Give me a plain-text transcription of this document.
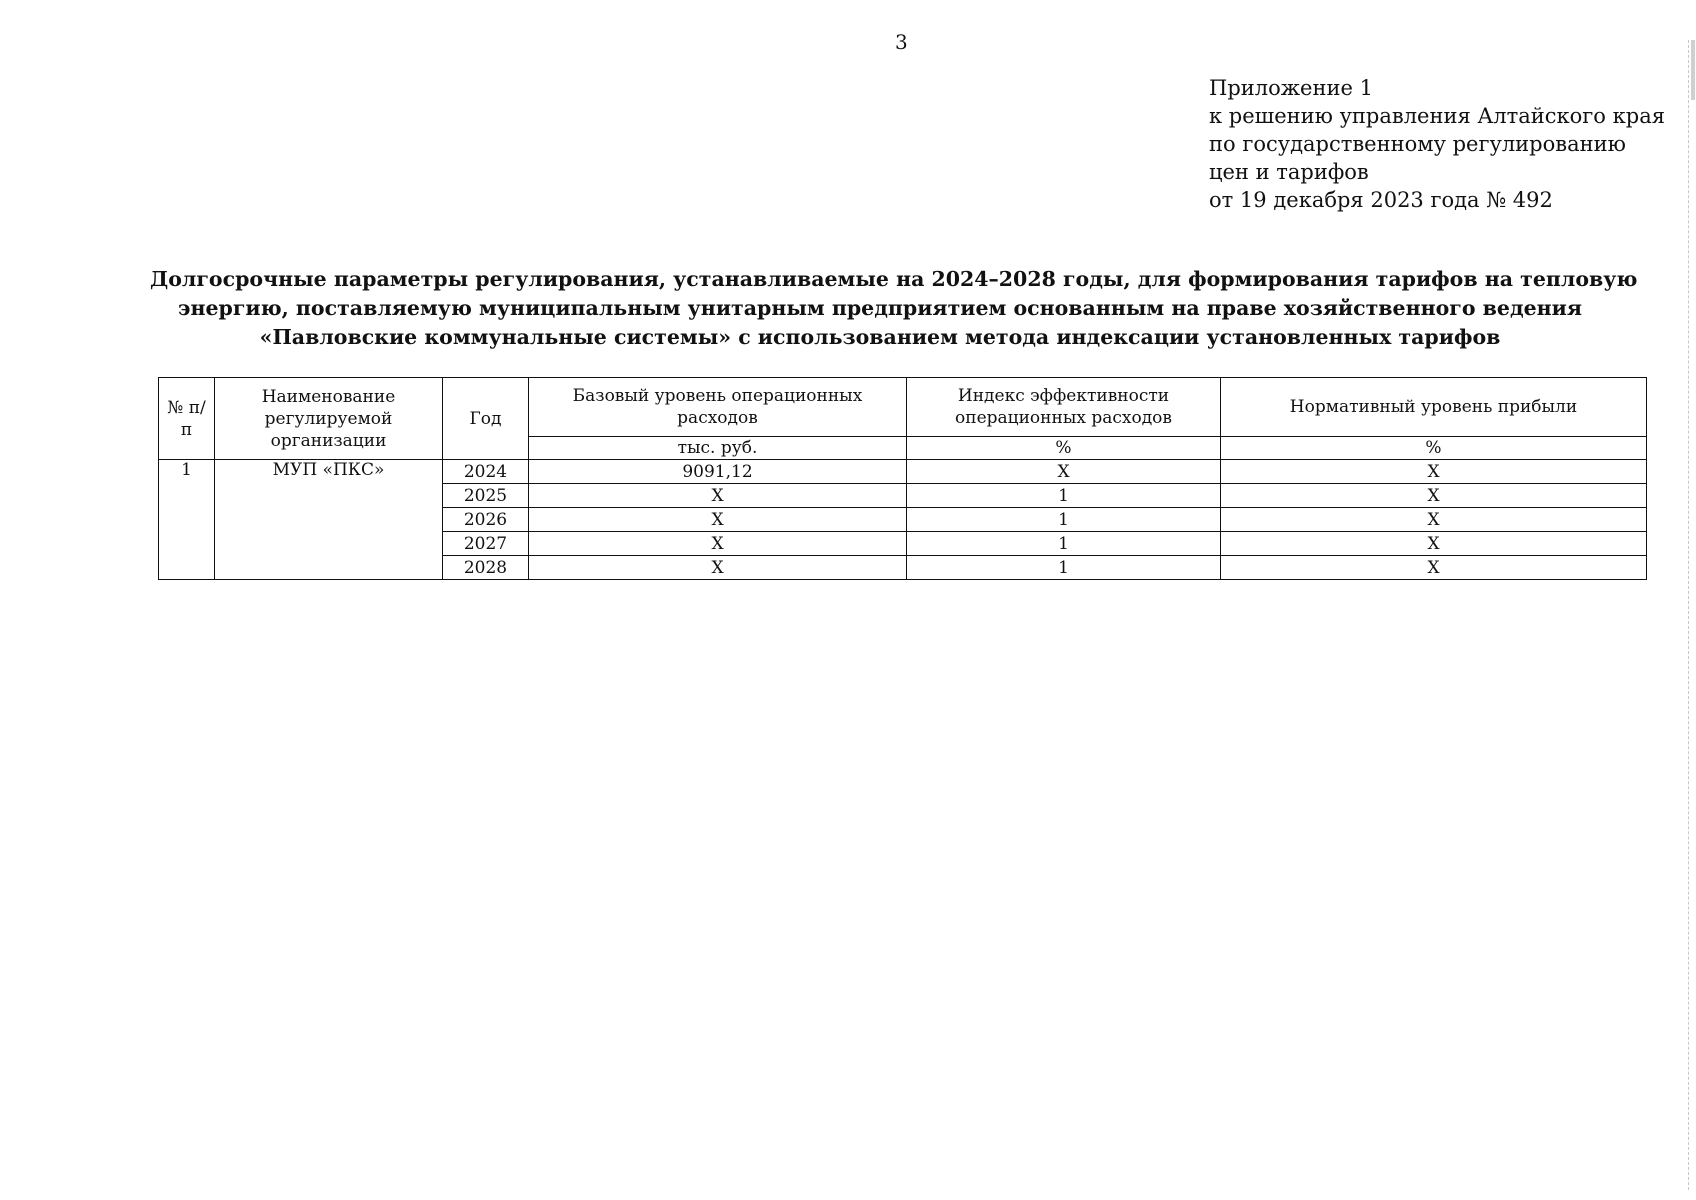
3
Приложение 1
к решению управления Алтайского края
по государственному регулированию
цен и тарифов
от 19 декабря 2023 года № 492
Долгосрочные параметры регулирования, устанавливаемые на 2024–2028 годы, для формирования тарифов на тепловую
энергию, поставляемую муниципальным унитарным предприятием основанным на праве хозяйственного ведения
«Павловские коммунальные системы» с использованием метода индексации установленных тарифов
№ п/п	Наименование регулируемой организации	Год	Базовый уровень операционных расходов	Индекс эффективности операционных расходов	Нормативный уровень прибыли
			тыс. руб.	%	%
1	МУП «ПКС»	2024	9091,12	X	X
		2025	X	1	X
		2026	X	1	X
		2027	X	1	X
		2028	X	1	X
